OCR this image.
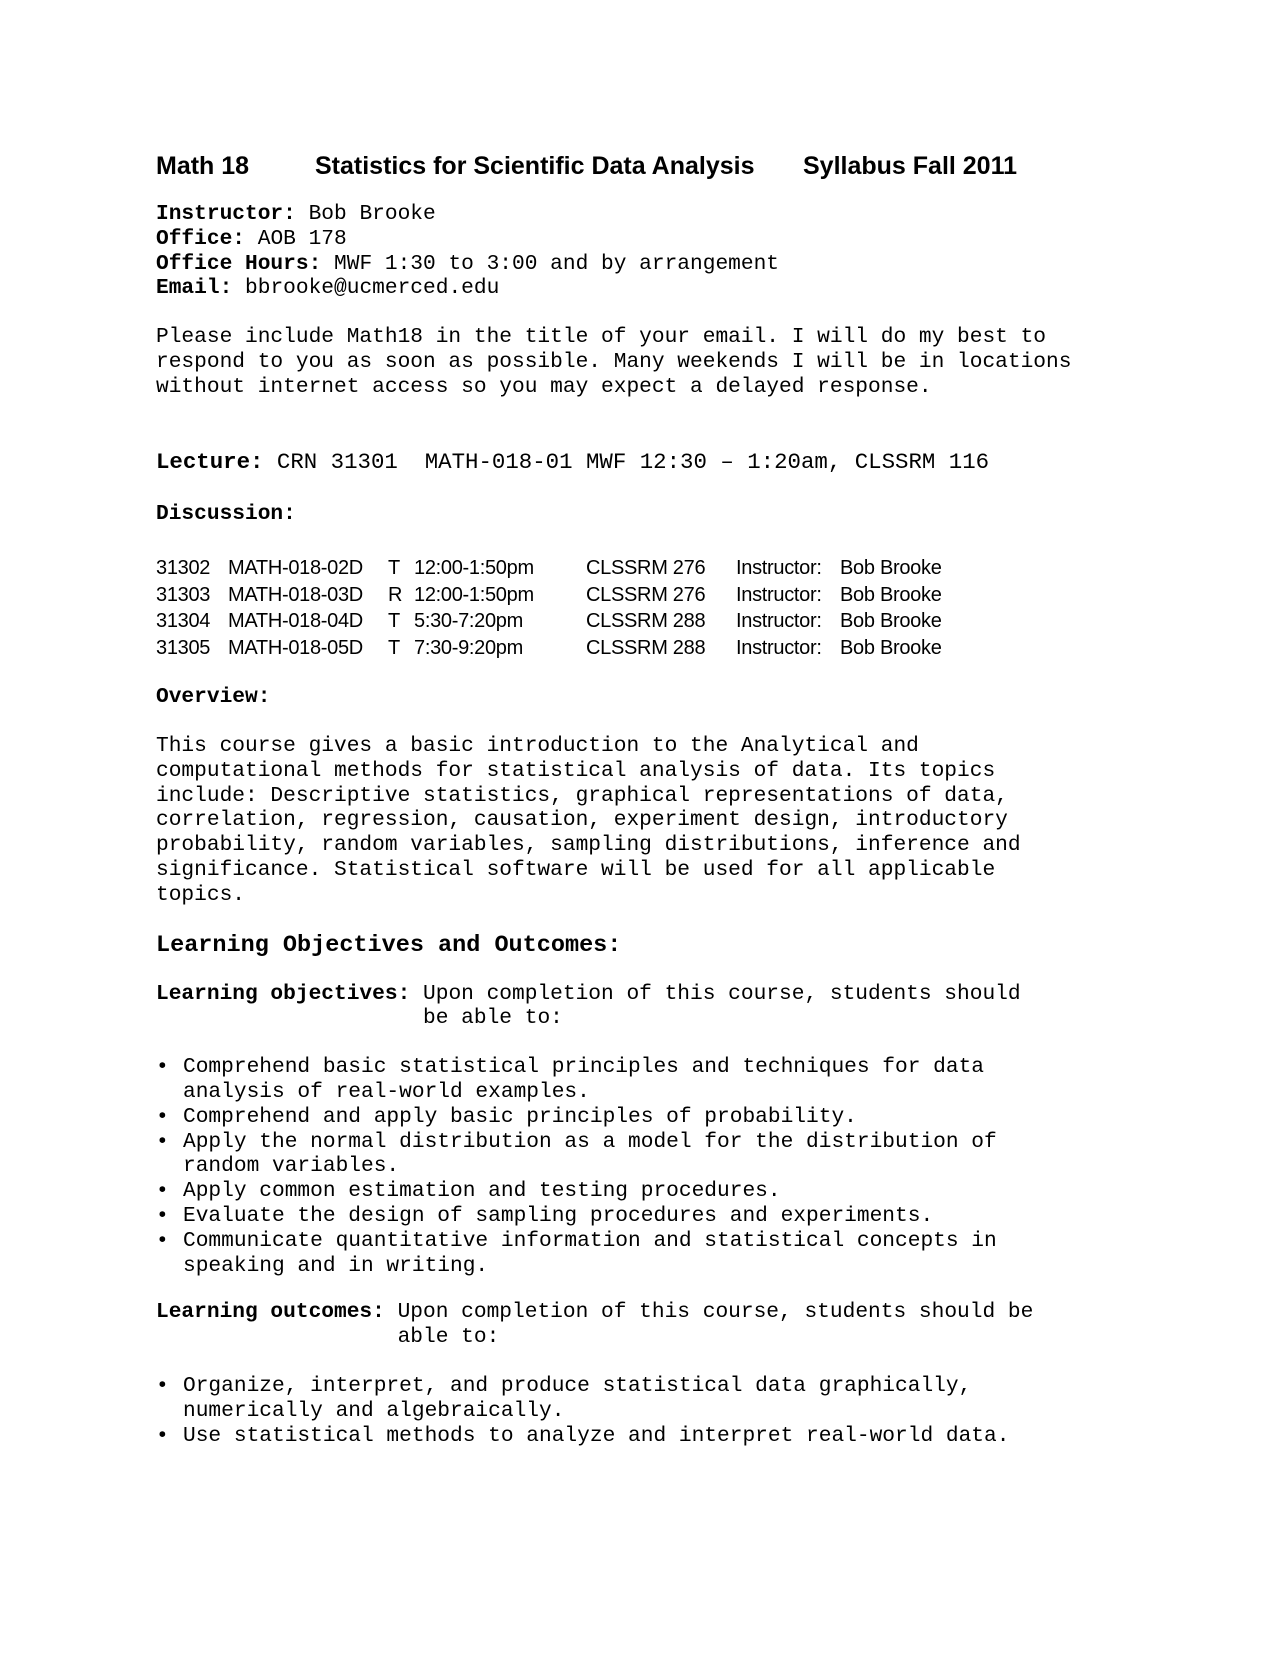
Math 18	Statistics for Scientific Data Analysis Syllabus Fall 2011
Instructor: Bob Brooke
Office: AOB 178
Office Hours: MWF 1:30 to 3:00 and by arrangement
Email: bbrooke@ucmerced.edu
Please include Math18 in the title of your email. I will do my best to
respond to you as soon as possible. Many weekends I will be in locations
without internet access so you may expect a delayed response.
Lecture: CRN 31301  MATH-018-01 MWF 12:30 – 1:20am, CLSSRM 116
Discussion:
31302	MATH-018-02D	T	12:00-1:50pm	CLSSRM 276	Instructor:	Bob Brooke
31303	MATH-018-03D	R	12:00-1:50pm	CLSSRM 276	Instructor:	Bob Brooke
31304	MATH-018-04D	T	5:30-7:20pm	CLSSRM 288	Instructor:	Bob Brooke
31305	MATH-018-05D	T	7:30-9:20pm	CLSSRM 288	Instructor:	Bob Brooke
Overview:
This course gives a basic introduction to the Analytical and
computational methods for statistical analysis of data. Its topics
include: Descriptive statistics, graphical representations of data,
correlation, regression, causation, experiment design, introductory
probability, random variables, sampling distributions, inference and
significance. Statistical software will be used for all applicable
topics.
Learning Objectives and Outcomes:
Learning objectives: Upon completion of this course, students should
be able to:
• Comprehend basic statistical principles and techniques for data
analysis of real-world examples.
• Comprehend and apply basic principles of probability.
• Apply the normal distribution as a model for the distribution of
random variables.
• Apply common estimation and testing procedures.
• Evaluate the design of sampling procedures and experiments.
• Communicate quantitative information and statistical concepts in
speaking and in writing.
Learning outcomes: Upon completion of this course, students should be
able to:
• Organize, interpret, and produce statistical data graphically,
numerically and algebraically.
• Use statistical methods to analyze and interpret real-world data.
